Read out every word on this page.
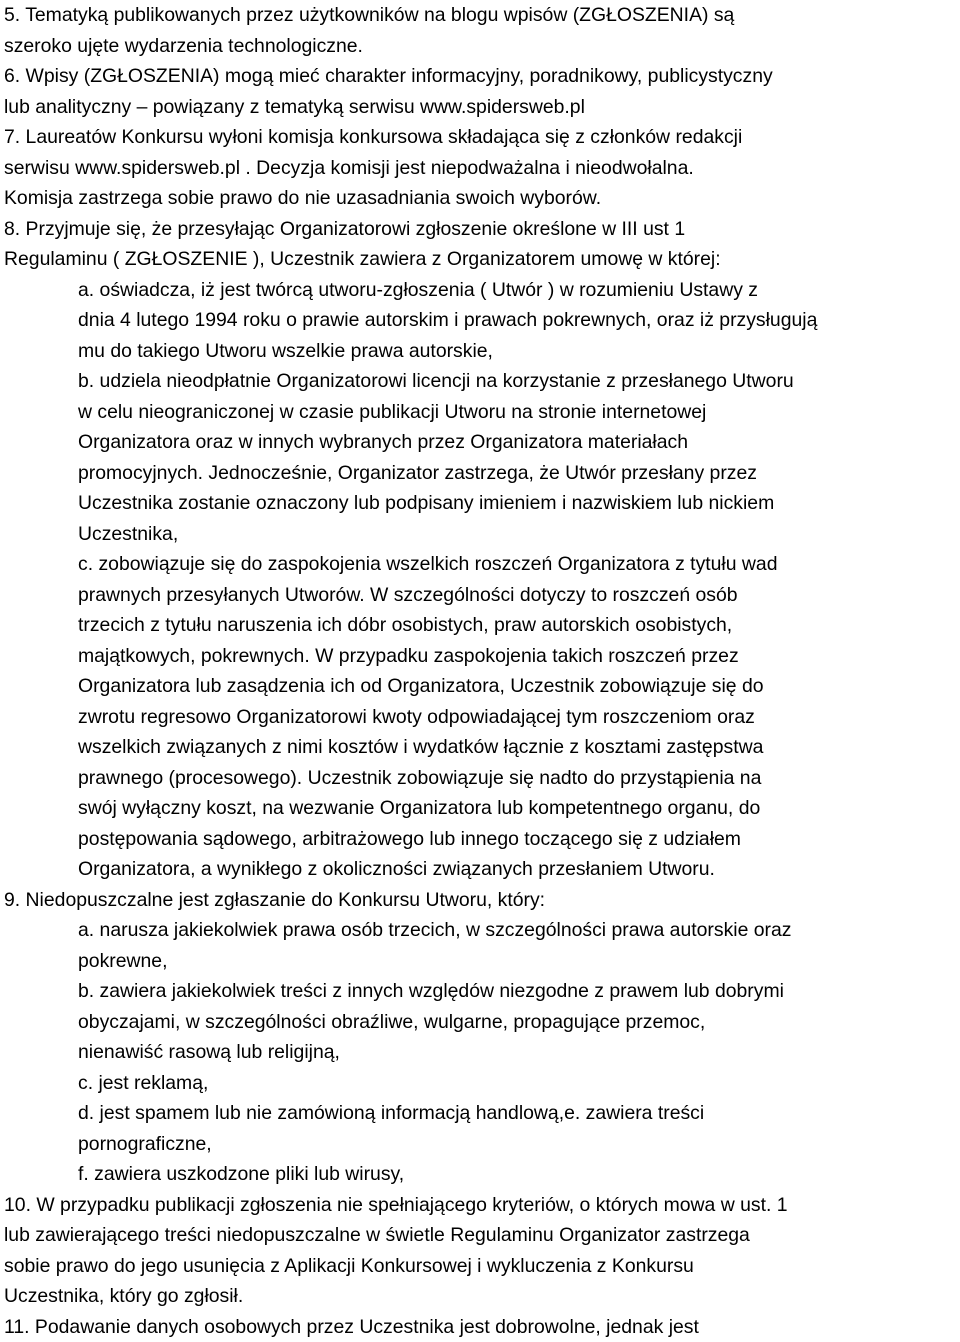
5. Tematyką publikowanych przez użytkowników na blogu wpisów (ZGŁOSZENIA) są
szeroko ujęte wydarzenia technologiczne.
6. Wpisy (ZGŁOSZENIA) mogą mieć charakter informacyjny, poradnikowy, publicystyczny
lub analityczny – powiązany z tematyką serwisu www.spidersweb.pl
7. Laureatów Konkursu wyłoni komisja konkursowa składająca się z członków redakcji
serwisu www.spidersweb.pl . Decyzja komisji jest niepodważalna i nieodwołalna.
Komisja zastrzega sobie prawo do nie uzasadniania swoich wyborów.
8. Przyjmuje się, że przesyłając Organizatorowi zgłoszenie określone w III ust 1
Regulaminu ( ZGŁOSZENIE ), Uczestnik zawiera z Organizatorem umowę w której:
a. oświadcza, iż jest twórcą utworu-zgłoszenia ( Utwór ) w rozumieniu Ustawy z
dnia 4 lutego 1994 roku o prawie autorskim i prawach pokrewnych, oraz iż przysługują
mu do takiego Utworu wszelkie prawa autorskie,
b. udziela nieodpłatnie Organizatorowi licencji na korzystanie z przesłanego Utworu
w celu nieograniczonej w czasie publikacji Utworu na stronie internetowej
Organizatora oraz w innych wybranych przez Organizatora materiałach
promocyjnych. Jednocześnie, Organizator zastrzega, że Utwór przesłany przez
Uczestnika zostanie oznaczony lub podpisany imieniem i nazwiskiem lub nickiem
Uczestnika,
c. zobowiązuje się do zaspokojenia wszelkich roszczeń Organizatora z tytułu wad
prawnych przesyłanych Utworów. W szczególności dotyczy to roszczeń osób
trzecich z tytułu naruszenia ich dóbr osobistych, praw autorskich osobistych,
majątkowych, pokrewnych. W przypadku zaspokojenia takich roszczeń przez
Organizatora lub zasądzenia ich od Organizatora, Uczestnik zobowiązuje się do
zwrotu regresowo Organizatorowi kwoty odpowiadającej tym roszczeniom oraz
wszelkich związanych z nimi kosztów i wydatków łącznie z kosztami zastępstwa
prawnego (procesowego). Uczestnik zobowiązuje się nadto do przystąpienia na
swój wyłączny koszt, na wezwanie Organizatora lub kompetentnego organu, do
postępowania sądowego, arbitrażowego lub innego toczącego się z udziałem
Organizatora, a wynikłego z okoliczności związanych przesłaniem Utworu.
9. Niedopuszczalne jest zgłaszanie do Konkursu Utworu, który:
a. narusza jakiekolwiek prawa osób trzecich, w szczególności prawa autorskie oraz
pokrewne,
b. zawiera jakiekolwiek treści z innych względów niezgodne z prawem lub dobrymi
obyczajami, w szczególności obraźliwe, wulgarne, propagujące przemoc,
nienawiść rasową lub religijną,
c. jest reklamą,
d. jest spamem lub nie zamówioną informacją handlową,e. zawiera treści
pornograficzne,
f. zawiera uszkodzone pliki lub wirusy,
10. W przypadku publikacji zgłoszenia nie spełniającego kryteriów, o których mowa w ust. 1
lub zawierającego treści niedopuszczalne w świetle Regulaminu Organizator zastrzega
sobie prawo do jego usunięcia z Aplikacji Konkursowej i wykluczenia z Konkursu
Uczestnika, który go zgłosił.
11. Podawanie danych osobowych przez Uczestnika jest dobrowolne, jednak jest
